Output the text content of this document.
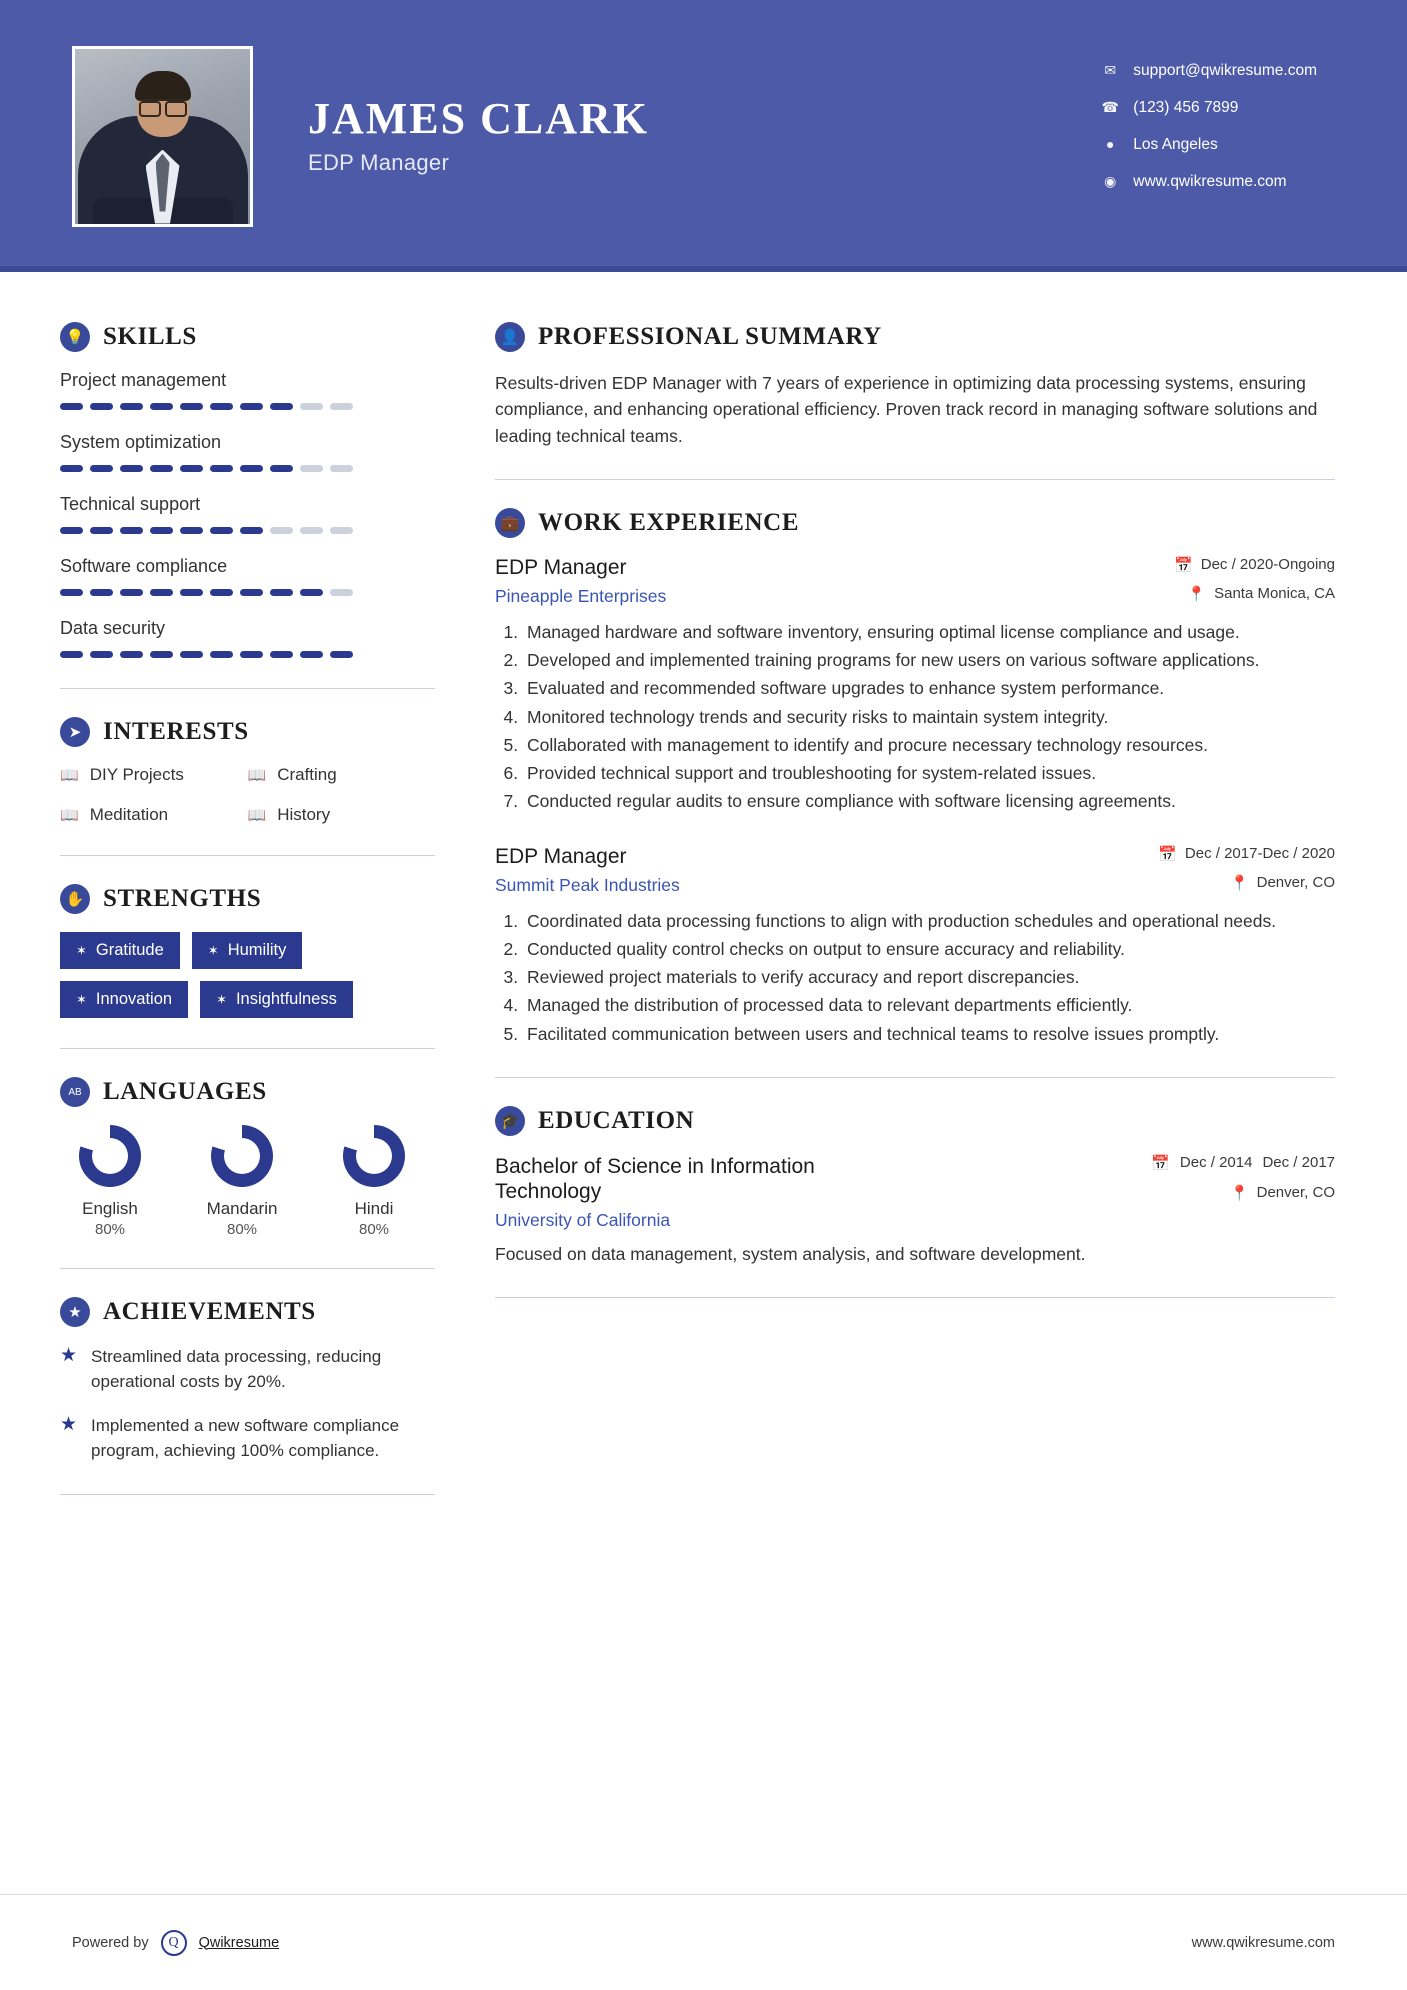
JAMES CLARK
EDP Manager
✉ support@qwikresume.com
☎ (123) 456 7899
●	Los Angeles
◉ www.qwikresume.com
💡 SKILLS
Project management
System optimization
Technical support
Software compliance
Data security
➤ INTERESTS
📖 DIY Projects	📖 Crafting
📖 Meditation	📖 History
✋ STRENGTHS
✶ Gratitude	✶ Humility
✶ Innovation	✶ Insightfulness
AB LANGUAGES
English
80%
Mandarin
80%
Hindi
80%
★ ACHIEVEMENTS
★ Streamlined data processing, reducing operational costs by 20%.

★ Implemented a new software compliance program, achieving 100% compliance.

👤 PROFESSIONAL SUMMARY

Results-driven EDP Manager with 7 years of experience in optimizing data processing systems, ensuring compliance, and enhancing operational efficiency. Proven track record in managing software solutions and leading technical teams.

💼 WORK EXPERIENCE
EDP Manager
Pineapple Enterprises
📅 Dec / 2020-Ongoing
📍 Santa Monica, CA
1. Managed hardware and software inventory, ensuring optimal license compliance and usage.
2. Developed and implemented training programs for new users on various software applications.
3. Evaluated and recommended software upgrades to enhance system performance.
4. Monitored technology trends and security risks to maintain system integrity.
5. Collaborated with management to identify and procure necessary technology resources.
6. Provided technical support and troubleshooting for system-related issues.
7. Conducted regular audits to ensure compliance with software licensing agreements.
EDP Manager
Summit Peak Industries
📅 Dec / 2017-Dec / 2020
📍 Denver, CO
1. Coordinated data processing functions to align with production schedules and operational needs.
2. Conducted quality control checks on output to ensure accuracy and reliability.
3. Reviewed project materials to verify accuracy and report discrepancies.
4. Managed the distribution of processed data to relevant departments efficiently.
5. Facilitated communication between users and technical teams to resolve issues promptly.
🎓 EDUCATION
Bachelor of Science in Information Technology
University of California
📅 Dec / 2014 Dec / 2017
📍 Denver, CO

Focused on data management, system analysis, and software development.

Powered by	Q	Qwikresume	www.qwikresume.com
